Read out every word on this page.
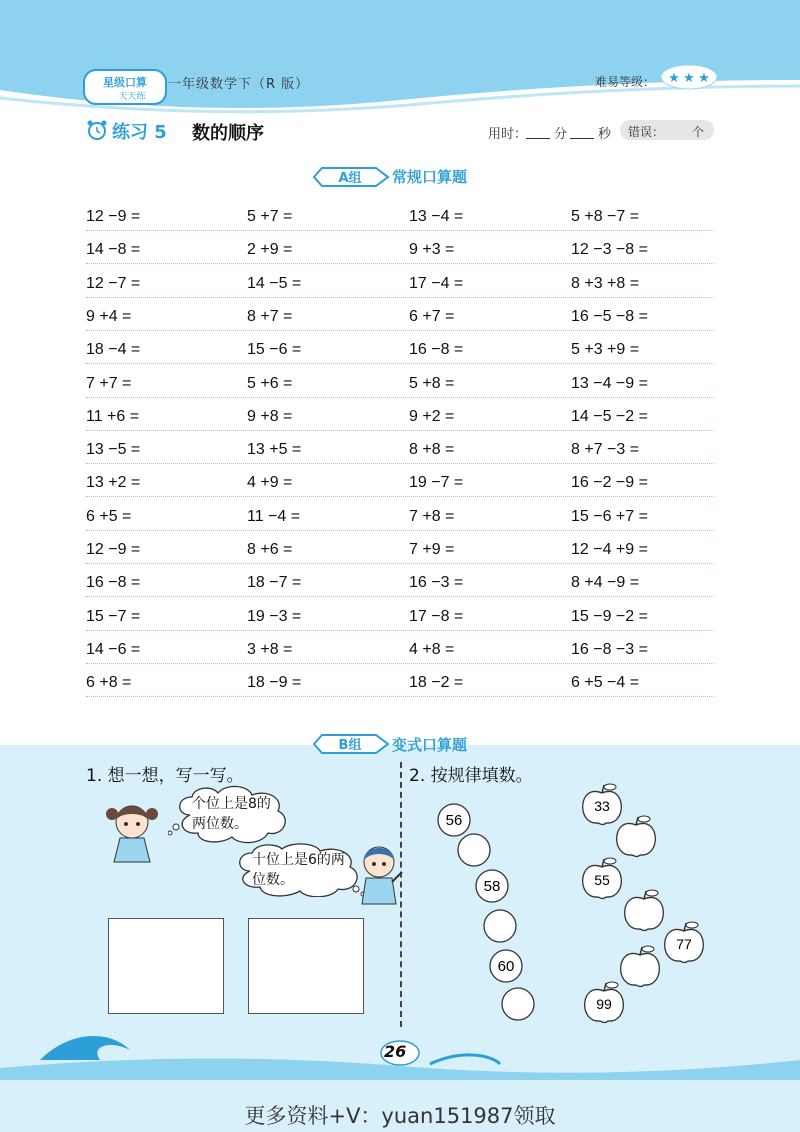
星级口算
天天练
一年级数学下（R 版）	难易等级： ★ ★ ★
练习 5 数的顺序	用时： 分 秒 错误： 个
A组 常规口算题
12 −9 =	5 +7 =	13 −4 =	5 +8 −7 =
14 −8 =	2 +9 =	9 +3 =	12 −3 −8 =
12 −7 =	14 −5 =	17 −4 =	8 +3 +8 =
9 +4 =	8 +7 =	6 +7 =	16 −5 −8 =
18 −4 =	15 −6 =	16 −8 =	5 +3 +9 =
7 +7 =	5 +6 =	5 +8 =	13 −4 −9 =
11 +6 =	9 +8 =	9 +2 =	14 −5 −2 =
13 −5 =	13 +5 =	8 +8 =	8 +7 −3 =
13 +2 =	4 +9 =	19 −7 =	16 −2 −9 =
6 +5 =	11 −4 =	7 +8 =	15 −6 +7 =
12 −9 =	8 +6 =	7 +9 =	12 −4 +9 =
16 −8 =	18 −7 =	16 −3 =	8 +4 −9 =
15 −7 =	19 −3 =	17 −8 =	15 −9 −2 =
14 −6 =	3 +8 =	4 +8 =	16 −8 −3 =
6 +8 =	18 −9 =	18 −2 =	6 +5 −4 =
B组 变式口算题
1. 想一想，写一写。
个位上是8的两位数。
十位上是6的两位数。
2. 按规律填数。
56
58
60
33
55
77
99
26
更多资料+V：yuan151987领取
